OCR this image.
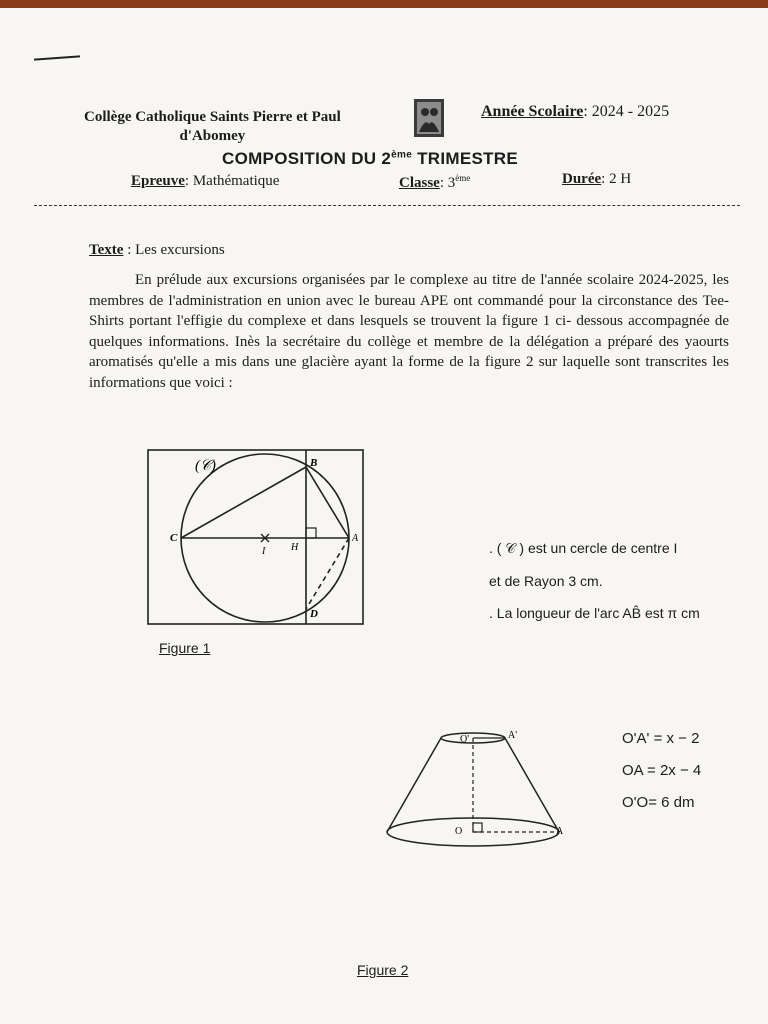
Collège Catholique Saints Pierre et Paul
d'Abomey
Année Scolaire: 2024 - 2025
COMPOSITION DU 2ème TRIMESTRE
Epreuve: Mathématique	Classe: 3ème	Durée: 2 H
Texte : Les excursions
En prélude aux excursions organisées par le complexe au titre de l'année scolaire 2024-2025, les membres de l'administration en union avec le bureau APE ont commandé pour la circonstance des Tee-Shirts portant l'effigie du complexe et dans lesquels se trouvent la figure 1 ci- dessous accompagnée de quelques informations. Inès la secrétaire du collège et membre de la délégation a préparé des yaourts aromatisés qu'elle a mis dans une glacière ayant la forme de la figure 2 sur laquelle sont transcrites les informations que voici :
(𝒞)	B
C
I	H
A
D
Figure 1
. ( 𝒞 ) est un cercle de centre I
et de Rayon 3 cm.
. La longueur de l'arc AB̂ est π cm
O'	A'
O	A
O'A' = x − 2
OA = 2x − 4
O'O= 6 dm
Figure 2
